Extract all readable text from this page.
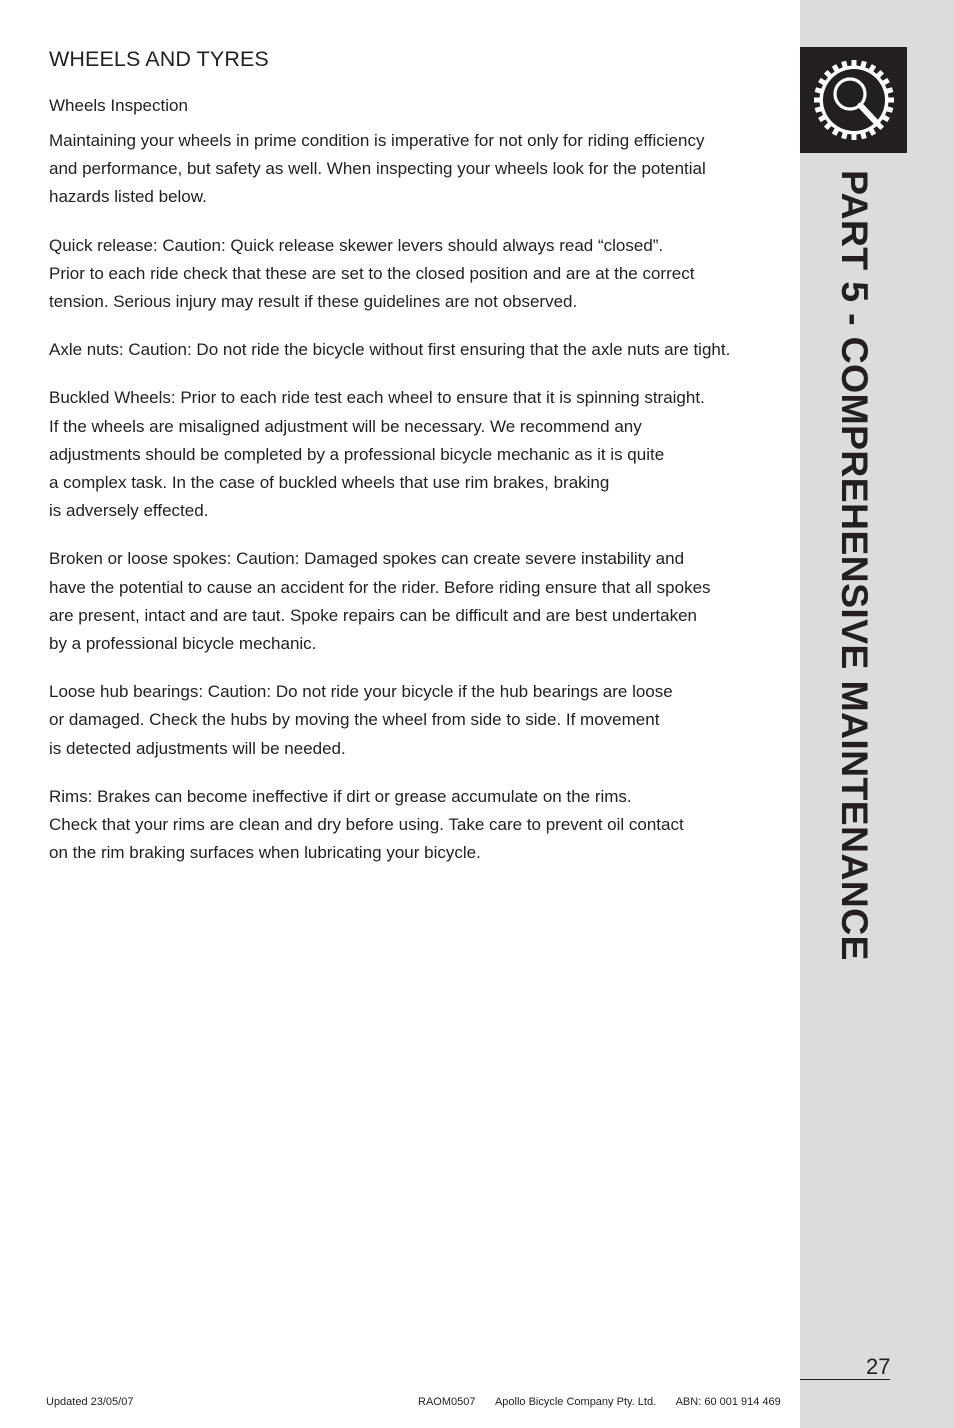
WHEELS AND TYRES
Wheels Inspection

Maintaining your wheels in prime condition is imperative for not only for riding efficiency
and performance, but safety as well. When inspecting your wheels look for the potential
hazards listed below.

Quick release: Caution: Quick release skewer levers should always read “closed”.
Prior to each ride check that these are set to the closed position and are at the correct
tension. Serious injury may result if these guidelines are not observed.

Axle nuts: Caution: Do not ride the bicycle without first ensuring that the axle nuts are tight.

Buckled Wheels: Prior to each ride test each wheel to ensure that it is spinning straight.
If the wheels are misaligned adjustment will be necessary. We recommend any
adjustments should be completed by a professional bicycle mechanic as it is quite
a complex task. In the case of buckled wheels that use rim brakes, braking
is adversely effected.

Broken or loose spokes: Caution: Damaged spokes can create severe instability and
have the potential to cause an accident for the rider. Before riding ensure that all spokes
are present, intact and are taut. Spoke repairs can be difficult and are best undertaken
by a professional bicycle mechanic.

Loose hub bearings: Caution: Do not ride your bicycle if the hub bearings are loose
or damaged. Check the hubs by moving the wheel from side to side. If movement
is detected adjustments will be needed.

Rims: Brakes can become ineffective if dirt or grease accumulate on the rims.
Check that your rims are clean and dry before using. Take care to prevent oil contact
on the rim braking surfaces when lubricating your bicycle.	PART 5 - COMPREHENSIVE MAINTENANCE
27
Updated 23/05/07	RAOM0507 Apollo Bicycle Company Pty. Ltd. ABN: 60 001 914 469
